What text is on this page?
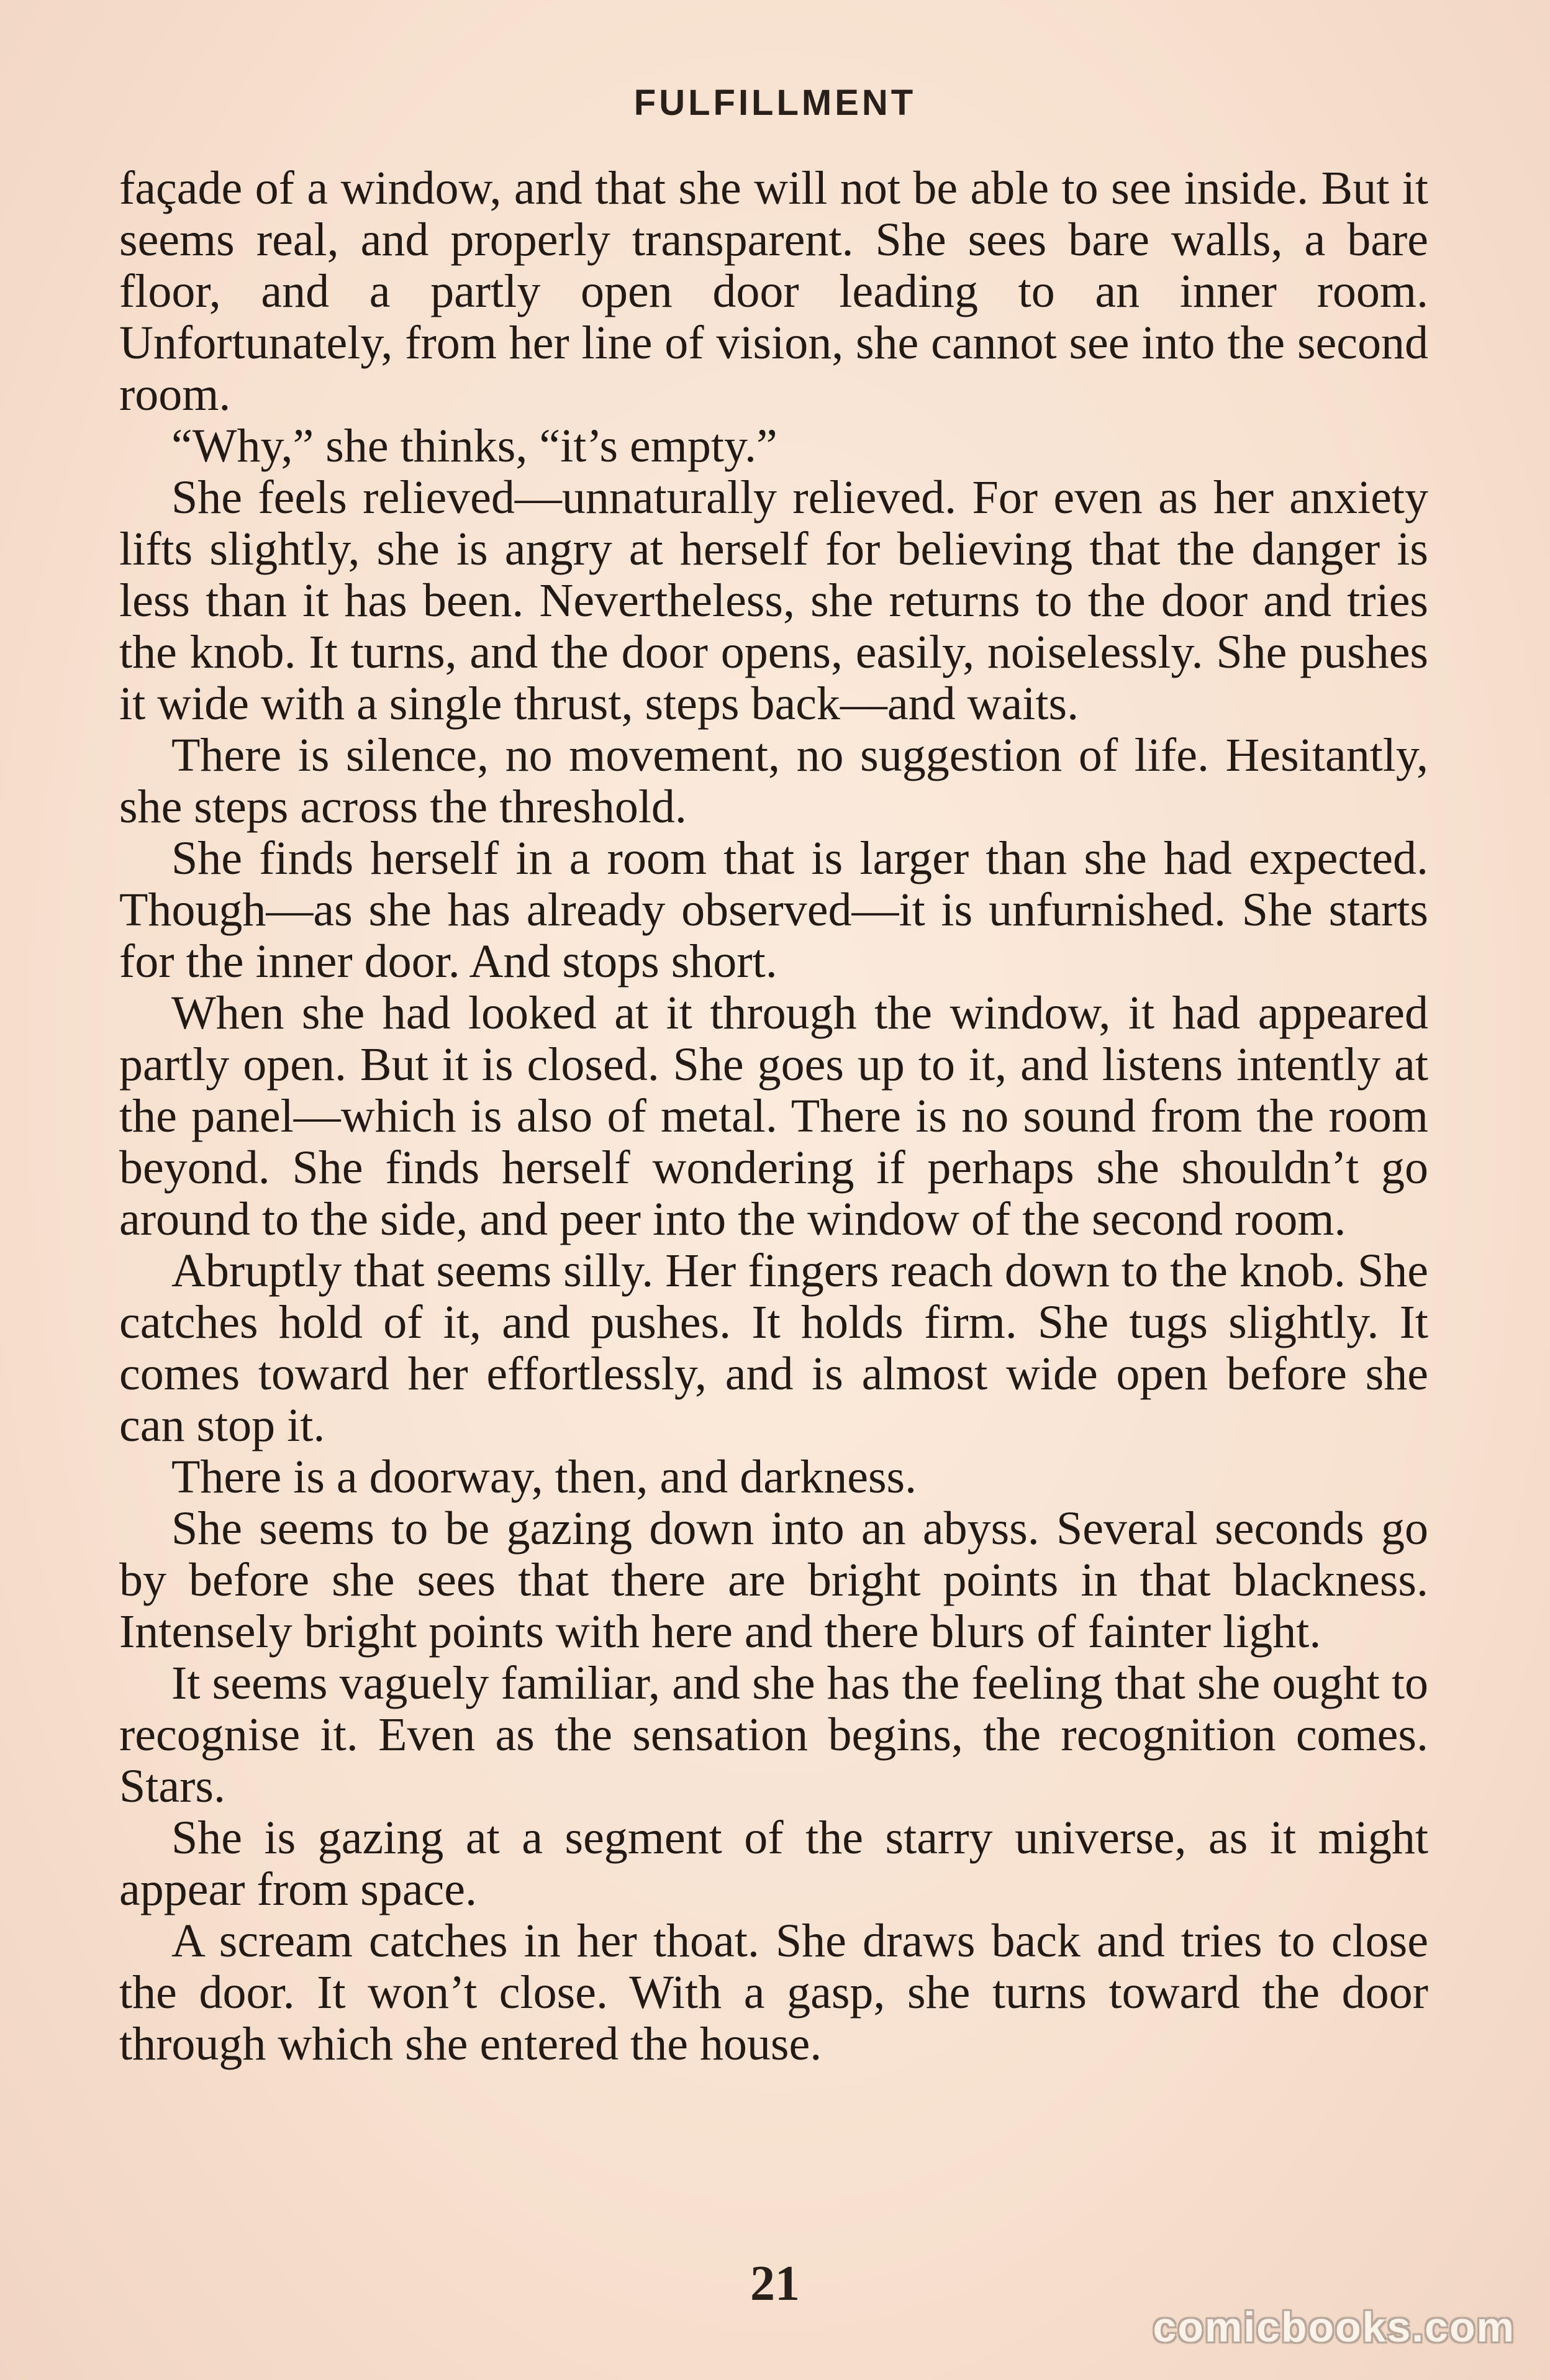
FULFILLMENT

façade of a window, and that she will not be able to see inside. But it seems real, and properly transparent. She sees bare walls, a bare floor, and a partly open door leading to an inner room. Unfortunately, from her line of vision, she cannot see into the second room.

“Why,” she thinks, “it’s empty.”

She feels relieved—unnaturally relieved. For even as her anxiety lifts slightly, she is angry at herself for believing that the danger is less than it has been. Nevertheless, she returns to the door and tries the knob. It turns, and the door opens, easily, noiselessly. She pushes it wide with a single thrust, steps back—and waits.

There is silence, no movement, no suggestion of life. Hesitantly, she steps across the threshold.

She finds herself in a room that is larger than she had expected. Though—as she has already observed—it is unfurnished. She starts for the inner door. And stops short.

When she had looked at it through the window, it had appeared partly open. But it is closed. She goes up to it, and listens intently at the panel—which is also of metal. There is no sound from the room beyond. She finds herself wondering if perhaps she shouldn’t go around to the side, and peer into the window of the second room.

Abruptly that seems silly. Her fingers reach down to the knob. She catches hold of it, and pushes. It holds firm. She tugs slightly. It comes toward her effortlessly, and is almost wide open before she can stop it.

There is a doorway, then, and darkness.

She seems to be gazing down into an abyss. Several seconds go by before she sees that there are bright points in that blackness. Intensely bright points with here and there blurs of fainter light.

It seems vaguely familiar, and she has the feeling that she ought to recognise it. Even as the sensation begins, the recognition comes. Stars.

She is gazing at a segment of the starry universe, as it might appear from space.

A scream catches in her thoat. She draws back and tries to close the door. It won’t close. With a gasp, she turns toward the door through which she entered the house.

21
comicbooks.com
